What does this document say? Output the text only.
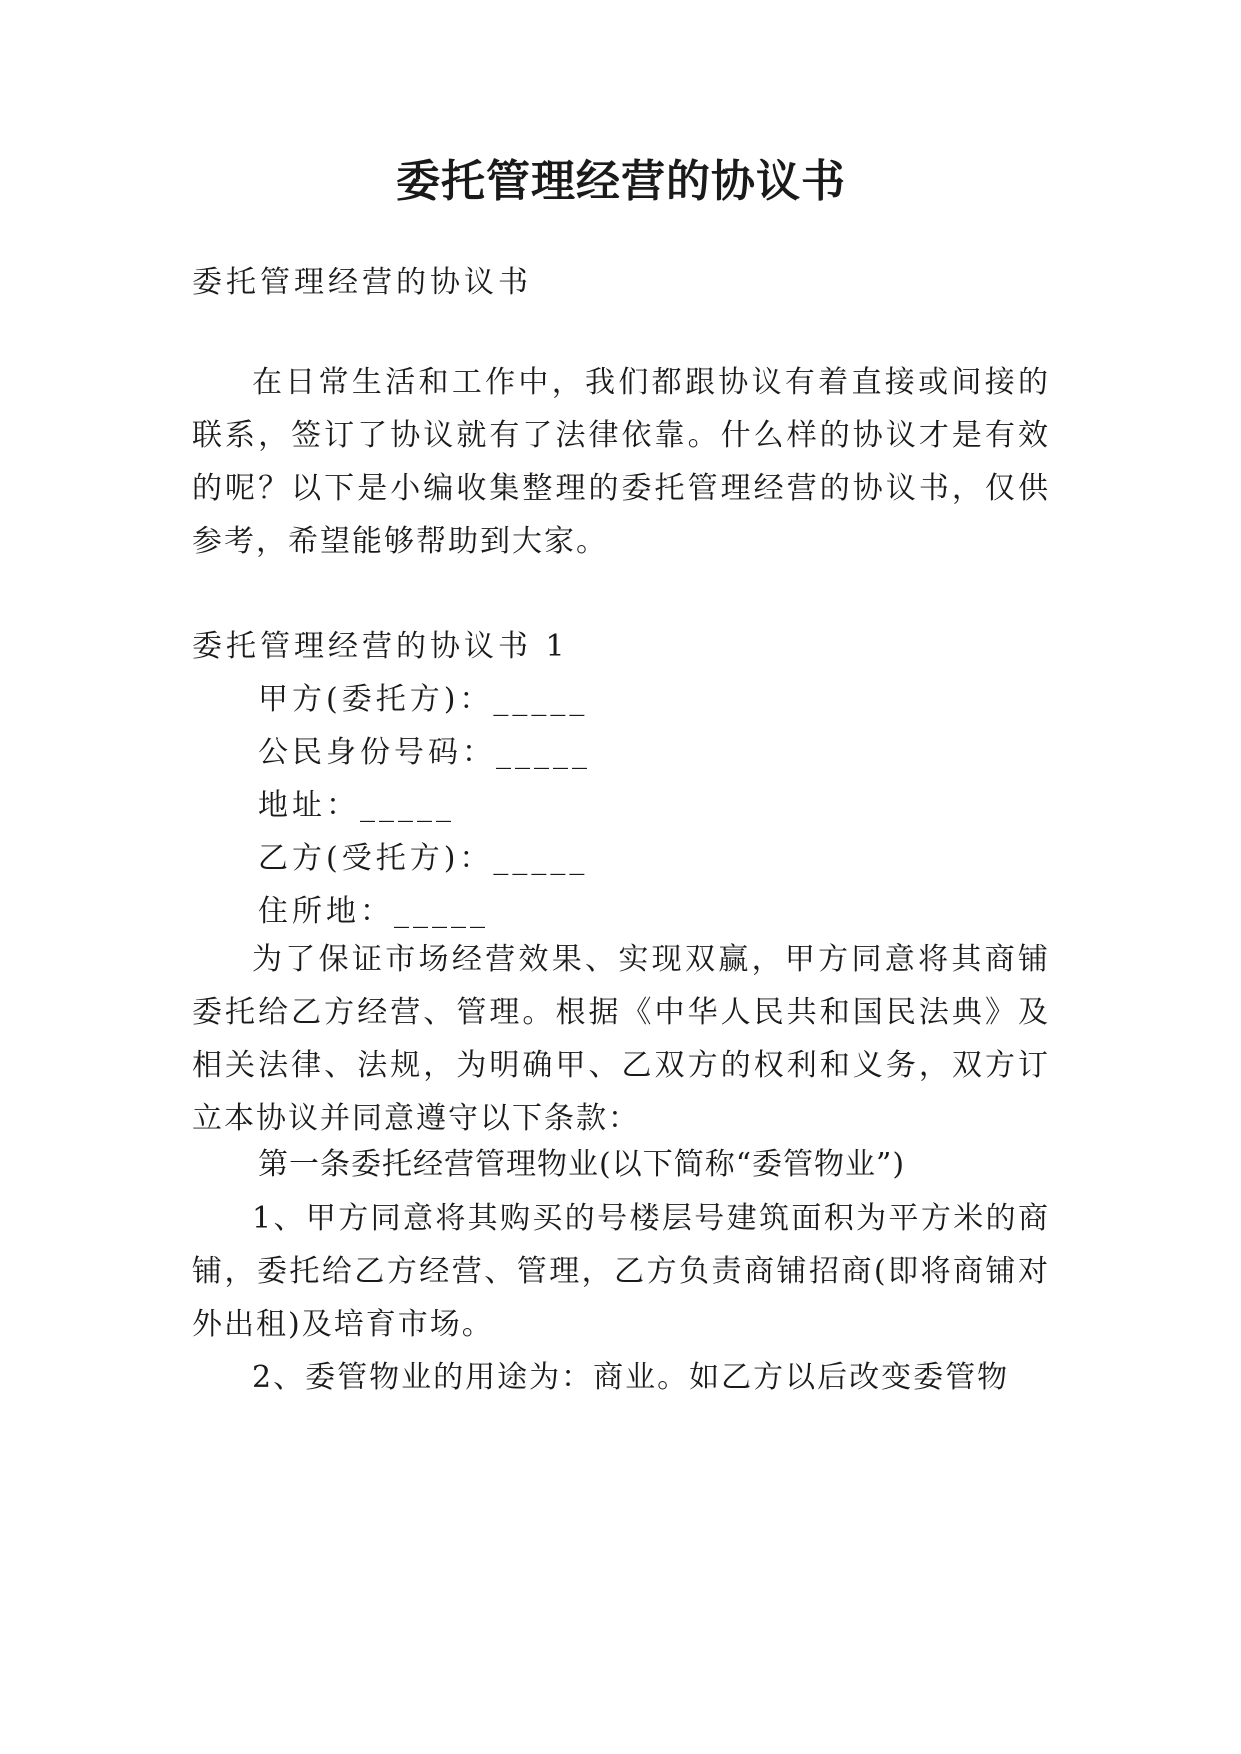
委托管理经营的协议书

委托管理经营的协议书

在日常生活和工作中，我们都跟协议有着直接或间接的联系，签订了协议就有了法律依靠。什么样的协议才是有效的呢？以下是小编收集整理的委托管理经营的协议书，仅供参考，希望能够帮助到大家。

委托管理经营的协议书 1

甲方(委托方)：_____

公民身份号码：_____

地址：_____

乙方(受托方)：_____

住所地：_____

为了保证市场经营效果、实现双赢，甲方同意将其商铺委托给乙方经营、管理。根据《中华人民共和国民法典》及相关法律、法规，为明确甲、乙双方的权利和义务，双方订立本协议并同意遵守以下条款：

第一条委托经营管理物业(以下简称“委管物业”)

1、甲方同意将其购买的号楼层号建筑面积为平方米的商铺，委托给乙方经营、管理，乙方负责商铺招商(即将商铺对外出租)及培育市场。

2、委管物业的用途为：商业。如乙方以后改变委管物
